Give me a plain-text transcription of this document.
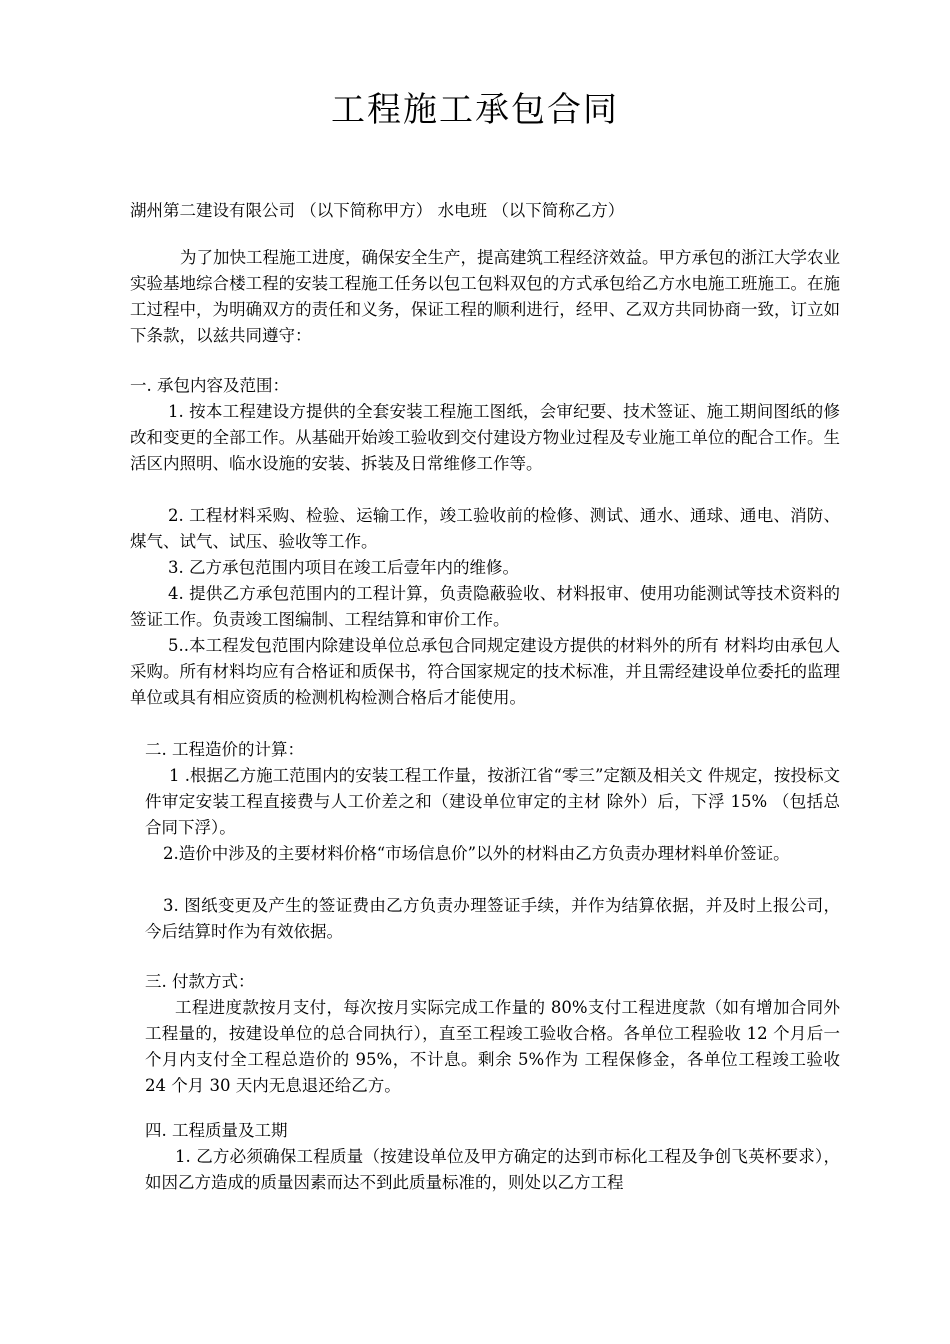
工程施工承包合同
湖州第二建设有限公司 （以下简称甲方） 水电班 （以下简称乙方）
为了加快工程施工进度，确保安全生产，提高建筑工程经济效益。甲方承包的浙江大学农业实验基地综合楼工程的安装工程施工任务以包工包料双包的方式承包给乙方水电施工班施工。在施工过程中，为明确双方的责任和义务，保证工程的顺利进行，经甲、乙双方共同协商一致，订立如下条款，以兹共同遵守：
一. 承包内容及范围：
1. 按本工程建设方提供的全套安装工程施工图纸，会审纪要、技术签证、施工期间图纸的修改和变更的全部工作。从基础开始竣工验收到交付建设方物业过程及专业施工单位的配合工作。生活区内照明、临水设施的安装、拆装及日常维修工作等。
2. 工程材料采购、检验、运输工作，竣工验收前的检修、测试、通水、通球、通电、消防、煤气、试气、试压、验收等工作。
3. 乙方承包范围内项目在竣工后壹年内的维修。
4. 提供乙方承包范围内的工程计算，负责隐蔽验收、材料报审、使用功能测试等技术资料的签证工作。负责竣工图编制、工程结算和审价工作。
5..本工程发包范围内除建设单位总承包合同规定建设方提供的材料外的所有 材料均由承包人采购。所有材料均应有合格证和质保书，符合国家规定的技术标准，并且需经建设单位委托的监理单位或具有相应资质的检测机构检测合格后才能使用。
二. 工程造价的计算：
1 .根据乙方施工范围内的安装工程工作量，按浙江省“零三”定额及相关文 件规定，按投标文件审定安装工程直接费与人工价差之和（建设单位审定的主材 除外）后，下浮 15% （包括总合同下浮）。
2.造价中涉及的主要材料价格“市场信息价”以外的材料由乙方负责办理材料单价签证。
3. 图纸变更及产生的签证费由乙方负责办理签证手续，并作为结算依据，并及时上报公司，今后结算时作为有效依据。
三. 付款方式：
工程进度款按月支付，每次按月实际完成工作量的 80%支付工程进度款（如有增加合同外工程量的，按建设单位的总合同执行），直至工程竣工验收合格。各单位工程验收 12 个月后一个月内支付全工程总造价的 95%，不计息。剩余 5%作为 工程保修金，各单位工程竣工验收 24 个月 30 天内无息退还给乙方。
四. 工程质量及工期
1. 乙方必须确保工程质量（按建设单位及甲方确定的达到市标化工程及争创飞英杯要求），如因乙方造成的质量因素而达不到此质量标准的，则处以乙方工程
